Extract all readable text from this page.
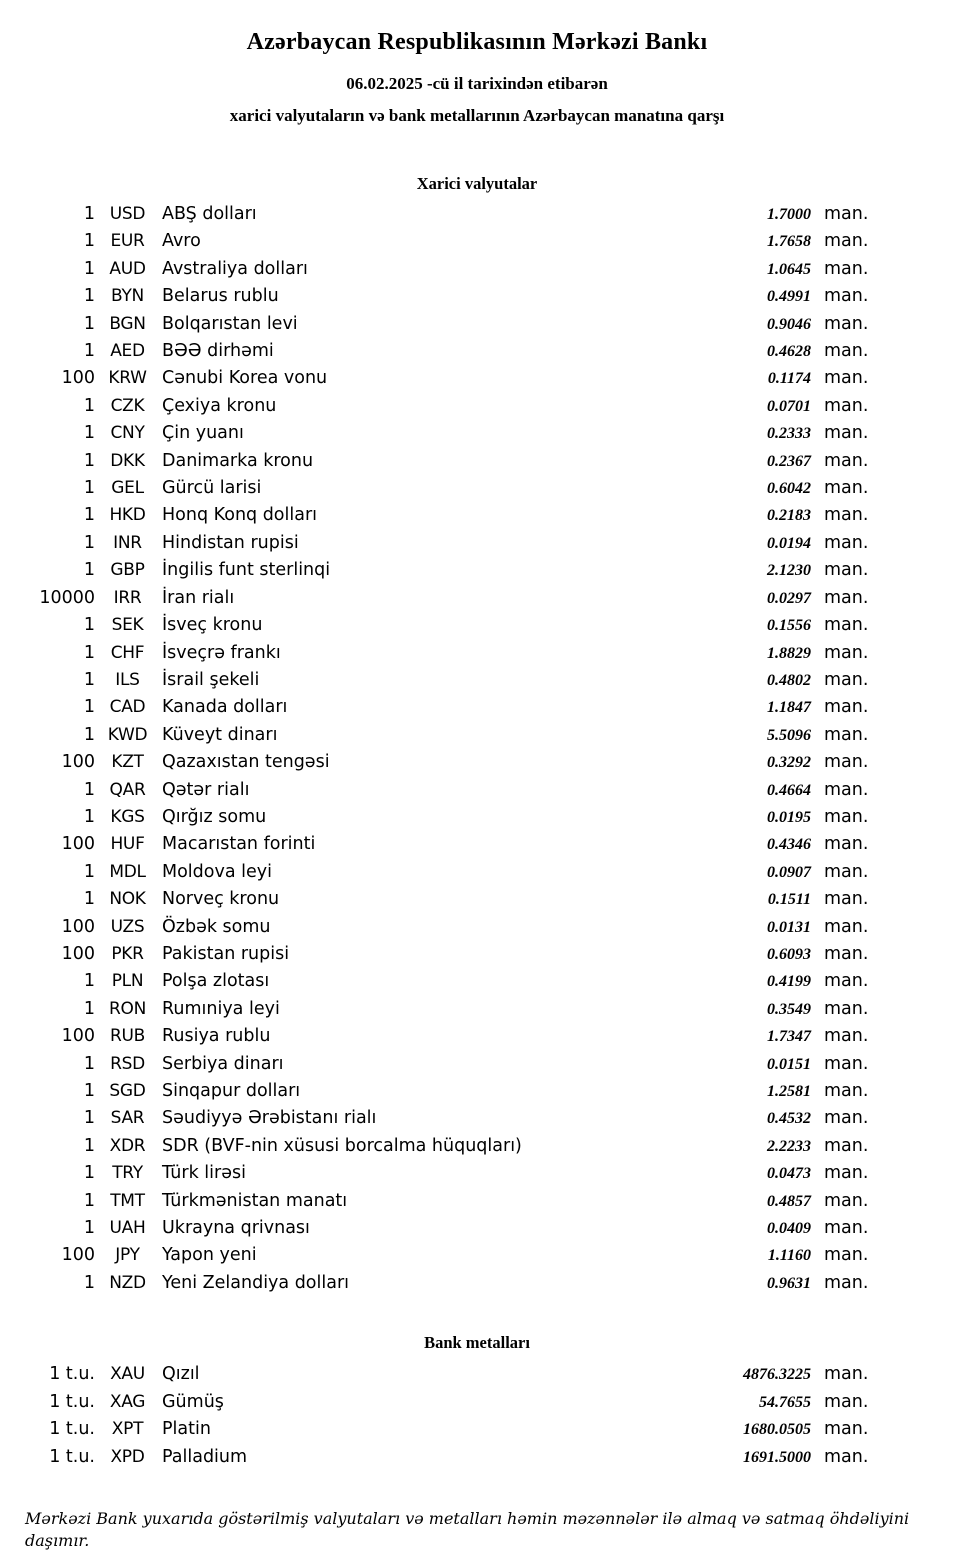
Azərbaycan Respublikasının Mərkəzi Bankı
06.02.2025 -cü il tarixindən etibarən
xarici valyutaların və bank metallarının Azərbaycan manatına qarşı
Xarici valyutalar
1 USD ABŞ dolları	1.7000 man.
1 EUR Avro	1.7658 man.
1 AUD Avstraliya dolları	1.0645 man.
1 BYN	Belarus rublu	0.4991 man.
1 BGN Bolqarıstan levi	0.9046 man.
1 AED BƏƏ dirhəmi	0.4628 man.
100 KRW Cənubi Korea vonu	0.1174 man.
1 CZK	Çexiya kronu	0.0701 man.
1 CNY Çin yuanı	0.2333 man.
1 DKK Danimarka kronu	0.2367 man.
1 GEL	Gürcü larisi	0.6042 man.
1 HKD Honq Konq dolları	0.2183 man.
1	INR	Hindistan rupisi	0.0194 man.
1 GBP İngilis funt sterlinqi	2.1230 man.
10000	IRR	İran rialı	0.0297 man.
1 SEK	İsveç kronu	0.1556 man.
1 CHF	İsveçrə frankı	1.8829 man.
1	ILS	İsrail şekeli	0.4802 man.
1 CAD Kanada dolları	1.1847 man.
1 KWD Küveyt dinarı	5.5096 man.
100 KZT	Qazaxıstan tengəsi	0.3292 man.
1 QAR Qətər rialı	0.4664 man.
1 KGS Qırğız somu	0.0195 man.
100 HUF Macarıstan forinti	0.4346 man.
1 MDL Moldova leyi	0.0907 man.
1 NOK Norveç kronu	0.1511 man.
100 UZS	Özbək somu	0.0131 man.
100 PKR	Pakistan rupisi	0.6093 man.
1 PLN	Polşa zlotası	0.4199 man.
1 RON Rumıniya leyi	0.3549 man.
100 RUB Rusiya rublu	1.7347 man.
1 RSD Serbiya dinarı	0.0151 man.
1 SGD Sinqapur dolları	1.2581 man.
1 SAR	Səudiyyə Ərəbistanı rialı	0.4532 man.
1 XDR SDR (BVF-nin xüsusi borcalma hüquqları)	2.2233 man.
1	TRY	Türk lirəsi	0.0473 man.
1 TMT Türkmənistan manatı	0.4857 man.
1 UAH Ukrayna qrivnası	0.0409 man.
100	JPY	Yapon yeni	1.1160 man.
1 NZD Yeni Zelandiya dolları	0.9631 man.
Bank metalları
1 t.u. XAU Qızıl	4876.3225 man.
1 t.u. XAG Gümüş	54.7655 man.
1 t.u. XPT	Platin	1680.0505 man.
1 t.u. XPD Palladium	1691.5000 man.
Mərkəzi Bank yuxarıda göstərilmiş valyutaları və metalları həmin məzənnələr ilə almaq və satmaq öhdəliyini daşımır.
